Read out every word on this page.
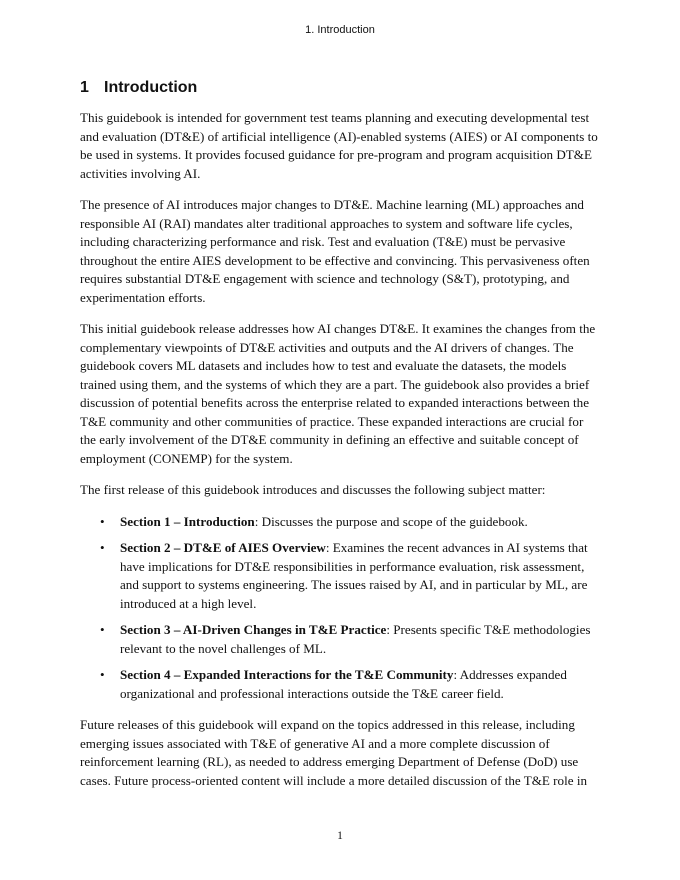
1. Introduction
1 Introduction

This guidebook is intended for government test teams planning and executing developmental test and evaluation (DT&E) of artificial intelligence (AI)-enabled systems (AIES) or AI components to be used in systems. It provides focused guidance for pre-program and program acquisition DT&E activities involving AI.

The presence of AI introduces major changes to DT&E. Machine learning (ML) approaches and responsible AI (RAI) mandates alter traditional approaches to system and software life cycles, including characterizing performance and risk. Test and evaluation (T&E) must be pervasive throughout the entire AIES development to be effective and convincing. This pervasiveness often requires substantial DT&E engagement with science and technology (S&T), prototyping, and experimentation efforts.

This initial guidebook release addresses how AI changes DT&E. It examines the changes from the complementary viewpoints of DT&E activities and outputs and the AI drivers of changes. The guidebook covers ML datasets and includes how to test and evaluate the datasets, the models trained using them, and the systems of which they are a part. The guidebook also provides a brief discussion of potential benefits across the enterprise related to expanded interactions between the T&E community and other communities of practice. These expanded interactions are crucial for the early involvement of the DT&E community in defining an effective and suitable concept of employment (CONEMP) for the system.

The first release of this guidebook introduces and discusses the following subject matter:

• Section 1 – Introduction: Discusses the purpose and scope of the guidebook.
• Section 2 – DT&E of AIES Overview: Examines the recent advances in AI systems that have implications for DT&E responsibilities in performance evaluation, risk assessment, and support to systems engineering. The issues raised by AI, and in particular by ML, are introduced at a high level.
• Section 3 – AI-Driven Changes in T&E Practice: Presents specific T&E methodologies relevant to the novel challenges of ML.
• Section 4 – Expanded Interactions for the T&E Community: Addresses expanded organizational and professional interactions outside the T&E career field.

Future releases of this guidebook will expand on the topics addressed in this release, including emerging issues associated with T&E of generative AI and a more complete discussion of reinforcement learning (RL), as needed to address emerging Department of Defense (DoD) use cases. Future process-oriented content will include a more detailed discussion of the T&E role in

1
